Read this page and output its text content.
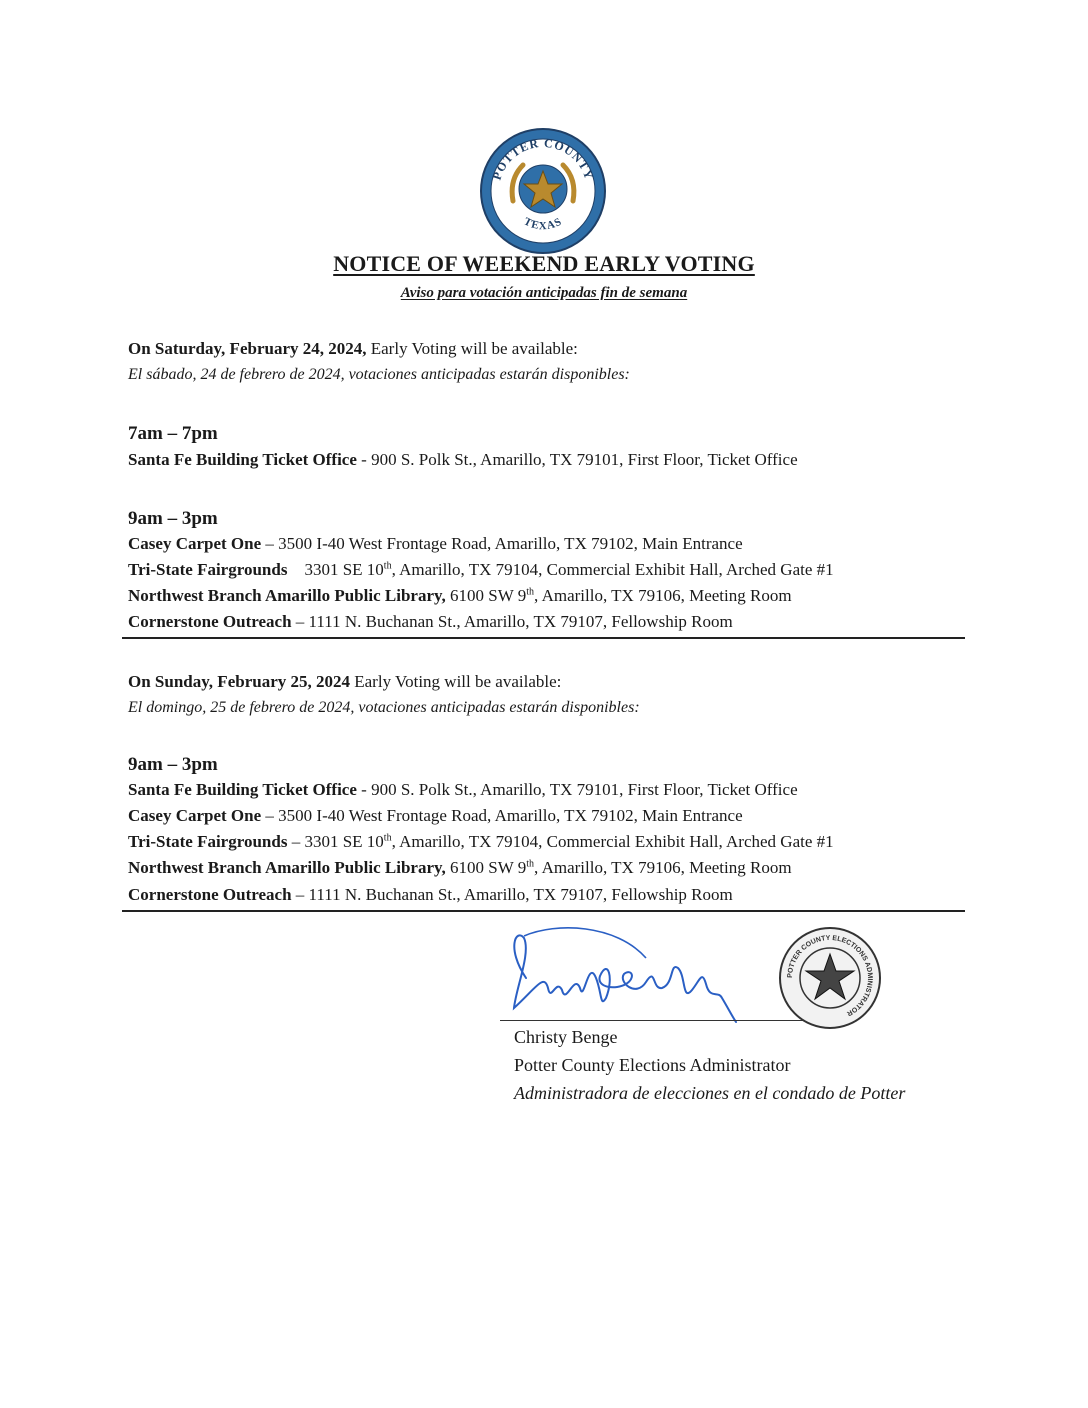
POTTER COUNTY
TEXAS
NOTICE OF WEEKEND EARLY VOTING
Aviso para votación anticipadas fin de semana
On Saturday, February 24, 2024, Early Voting will be available:
El sábado, 24 de febrero de 2024, votaciones anticipadas estarán disponibles:
7am – 7pm
Santa Fe Building Ticket Office - 900 S. Polk St., Amarillo, TX 79101, First Floor, Ticket Office
9am – 3pm
Casey Carpet One – 3500 I-40 West Frontage Road, Amarillo, TX 79102, Main Entrance
Tri-State Fairgrounds 3301 SE 10th, Amarillo, TX 79104, Commercial Exhibit Hall, Arched Gate #1
Northwest Branch Amarillo Public Library, 6100 SW 9th, Amarillo, TX 79106, Meeting Room
Cornerstone Outreach – 1111 N. Buchanan St., Amarillo, TX 79107, Fellowship Room
On Sunday, February 25, 2024 Early Voting will be available:
El domingo, 25 de febrero de 2024, votaciones anticipadas estarán disponibles:
9am – 3pm
Santa Fe Building Ticket Office - 900 S. Polk St., Amarillo, TX 79101, First Floor, Ticket Office
Casey Carpet One – 3500 I-40 West Frontage Road, Amarillo, TX 79102, Main Entrance
Tri-State Fairgrounds – 3301 SE 10th, Amarillo, TX 79104, Commercial Exhibit Hall, Arched Gate #1
Northwest Branch Amarillo Public Library, 6100 SW 9th, Amarillo, TX 79106, Meeting Room
Cornerstone Outreach – 1111 N. Buchanan St., Amarillo, TX 79107, Fellowship Room
POTTER COUNTY ELECTIONS ADMINISTRATOR
Christy Benge
Potter County Elections Administrator
Administradora de elecciones en el condado de Potter
